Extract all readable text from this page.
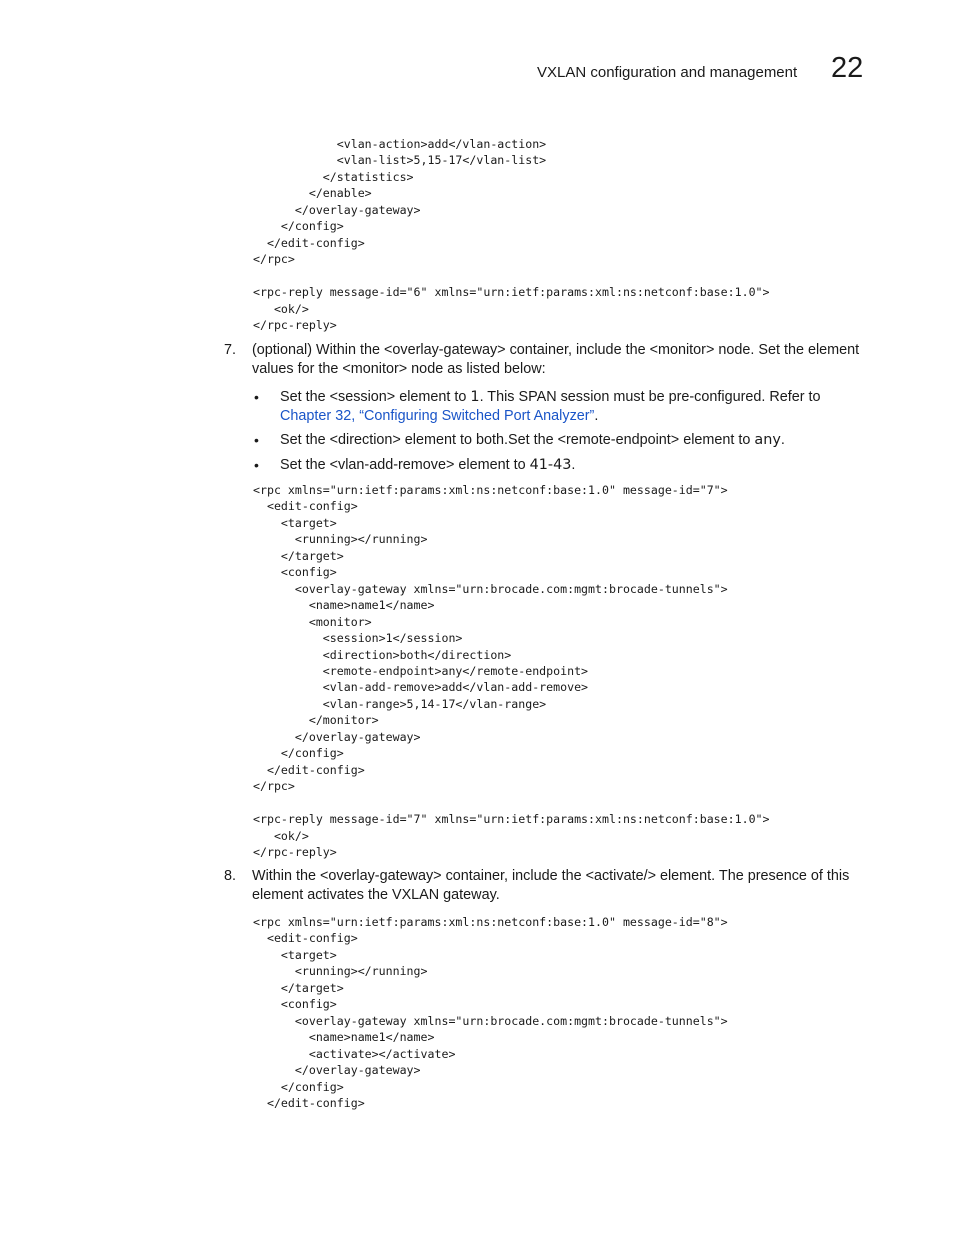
VXLAN configuration and management 22
<vlan-action>add</vlan-action>
<vlan-list>5,15-17</vlan-list>
</statistics>
</enable>
</overlay-gateway>
</config>
</edit-config>
</rpc>

<rpc-reply message-id="6" xmlns="urn:ietf:params:xml:ns:netconf:base:1.0">
<ok/>
</rpc-reply>
7. (optional) Within the <overlay-gateway> container, include the <monitor> node. Set the element values for the <monitor> node as listed below:
• Set the <session> element to 1. This SPAN session must be pre-configured. Refer to Chapter 32, “Configuring Switched Port Analyzer”.
• Set the <direction> element to both.Set the <remote-endpoint> element to any.
• Set the <vlan-add-remove> element to 41-43.
<rpc xmlns="urn:ietf:params:xml:ns:netconf:base:1.0" message-id="7">
<edit-config>
<target>
<running></running>
</target>
<config>
<overlay-gateway xmlns="urn:brocade.com:mgmt:brocade-tunnels">
<name>name1</name>
<monitor>
<session>1</session>
<direction>both</direction>
<remote-endpoint>any</remote-endpoint>
<vlan-add-remove>add</vlan-add-remove>
<vlan-range>5,14-17</vlan-range>
</monitor>
</overlay-gateway>
</config>
</edit-config>
</rpc>

<rpc-reply message-id="7" xmlns="urn:ietf:params:xml:ns:netconf:base:1.0">
<ok/>
</rpc-reply>
8. Within the <overlay-gateway> container, include the <activate/> element. The presence of this element activates the VXLAN gateway.
<rpc xmlns="urn:ietf:params:xml:ns:netconf:base:1.0" message-id="8">
<edit-config>
<target>
<running></running>
</target>
<config>
<overlay-gateway xmlns="urn:brocade.com:mgmt:brocade-tunnels">
<name>name1</name>
<activate></activate>
</overlay-gateway>
</config>
</edit-config>
